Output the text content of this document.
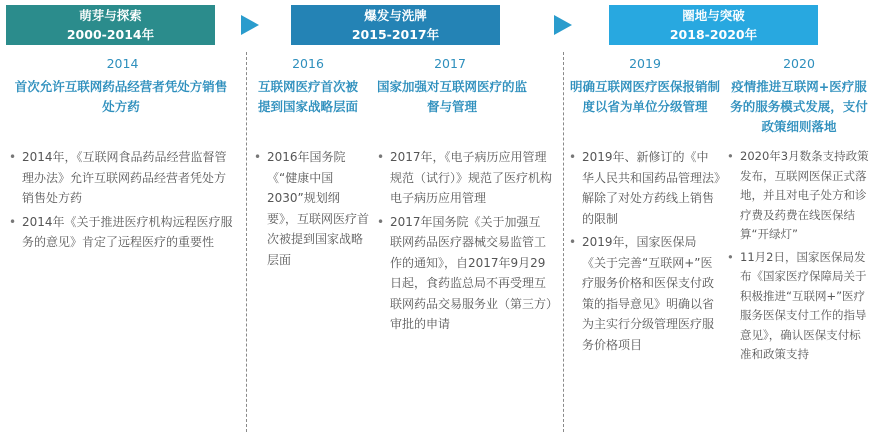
萌芽与探索
2000-2014年
爆发与洗牌
2015-2017年
圈地与突破
2018-2020年
2014
首次允许互联网药品经营者凭处方销售处方药
• 2014年，《互联网食品药品经营监督管理办法》允许互联网药品经营者凭处方销售处方药
• 2014年《关于推进医疗机构远程医疗服务的意见》肯定了远程医疗的重要性
2016
互联网医疗首次被提到国家战略层面
• 2016年国务院《“健康中国2030”规划纲要》，互联网医疗首次被提到国家战略层面
2017
国家加强对互联网医疗的监督与管理
• 2017年，《电子病历应用管理规范（试行）》规范了医疗机构电子病历应用管理
• 2017年国务院《关于加强互联网药品医疗器械交易监管工作的通知》，自2017年9月29日起，食药监总局不再受理互联网药品交易服务业（第三方）审批的申请
2019
明确互联网医疗医保报销制度以省为单位分级管理
• 2019年、新修订的《中华人民共和国药品管理法》解除了对处方药线上销售的限制
• 2019年，国家医保局《关于完善“互联网+”医疗服务价格和医保支付政策的指导意见》明确以省为主实行分级管理医疗服务价格项目
2020
疫情推进互联网+医疗服务的服务模式发展，支付政策细则落地
• 2020年3月数条支持政策发布，互联网医保正式落地，并且对电子处方和诊疗费及药费在线医保结算“开绿灯”
• 11月2日，国家医保局发布《国家医疗保障局关于积极推进“互联网+”医疗服务医保支付工作的指导意见》，确认医保支付标准和政策支持
